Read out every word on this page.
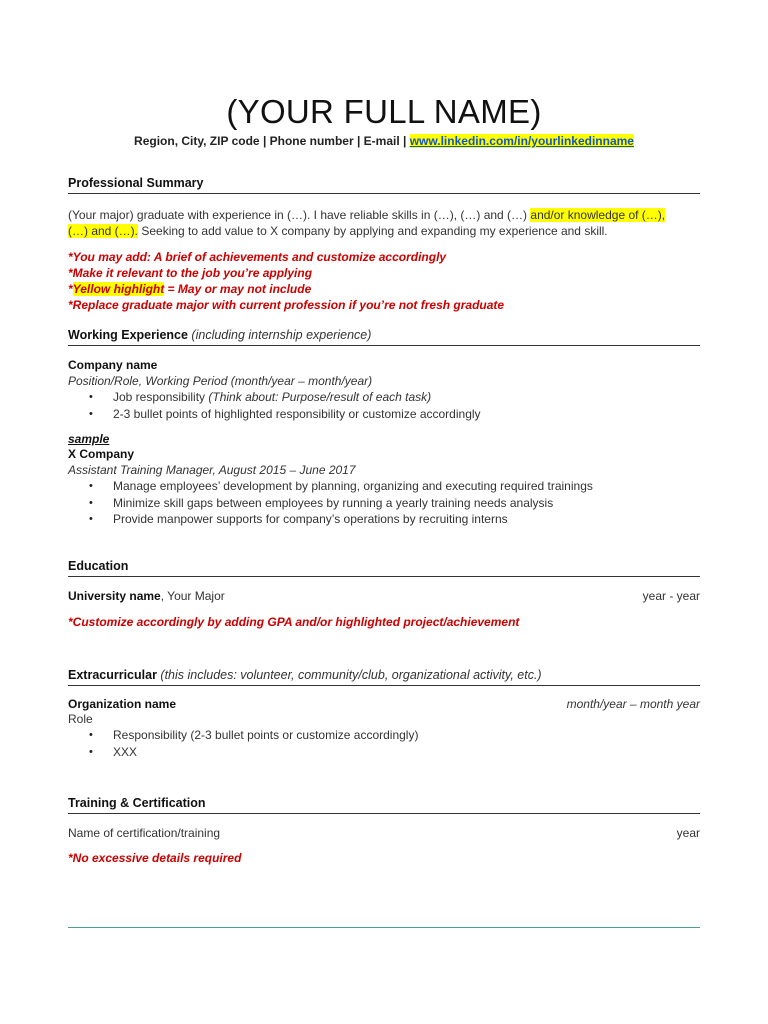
(YOUR FULL NAME)
Region, City, ZIP code | Phone number | E-mail | www.linkedin.com/in/yourlinkedinname
Professional Summary
(Your major) graduate with experience in (…). I have reliable skills in (…), (…) and (…) and/or knowledge of (…),
(…) and (…). Seeking to add value to X company by applying and expanding my experience and skill.
*You may add: A brief of achievements and customize accordingly
*Make it relevant to the job you’re applying
*Yellow highlight = May or may not include
*Replace graduate major with current profession if you’re not fresh graduate
Working Experience (including internship experience)
Company name
Position/Role, Working Period (month/year – month/year)
• Job responsibility (Think about: Purpose/result of each task)
• 2-3 bullet points of highlighted responsibility or customize accordingly
sample
X Company
Assistant Training Manager, August 2015 – June 2017
• Manage employees’ development by planning, organizing and executing required trainings
• Minimize skill gaps between employees by running a yearly training needs analysis
• Provide manpower supports for company’s operations by recruiting interns
Education
University name, Your Major	year - year
*Customize accordingly by adding GPA and/or highlighted project/achievement
Extracurricular (this includes: volunteer, community/club, organizational activity, etc.)
Organization name	month/year – month year
Role
• Responsibility (2-3 bullet points or customize accordingly)
• XXX
Training & Certification
Name of certification/training	year
*No excessive details required
